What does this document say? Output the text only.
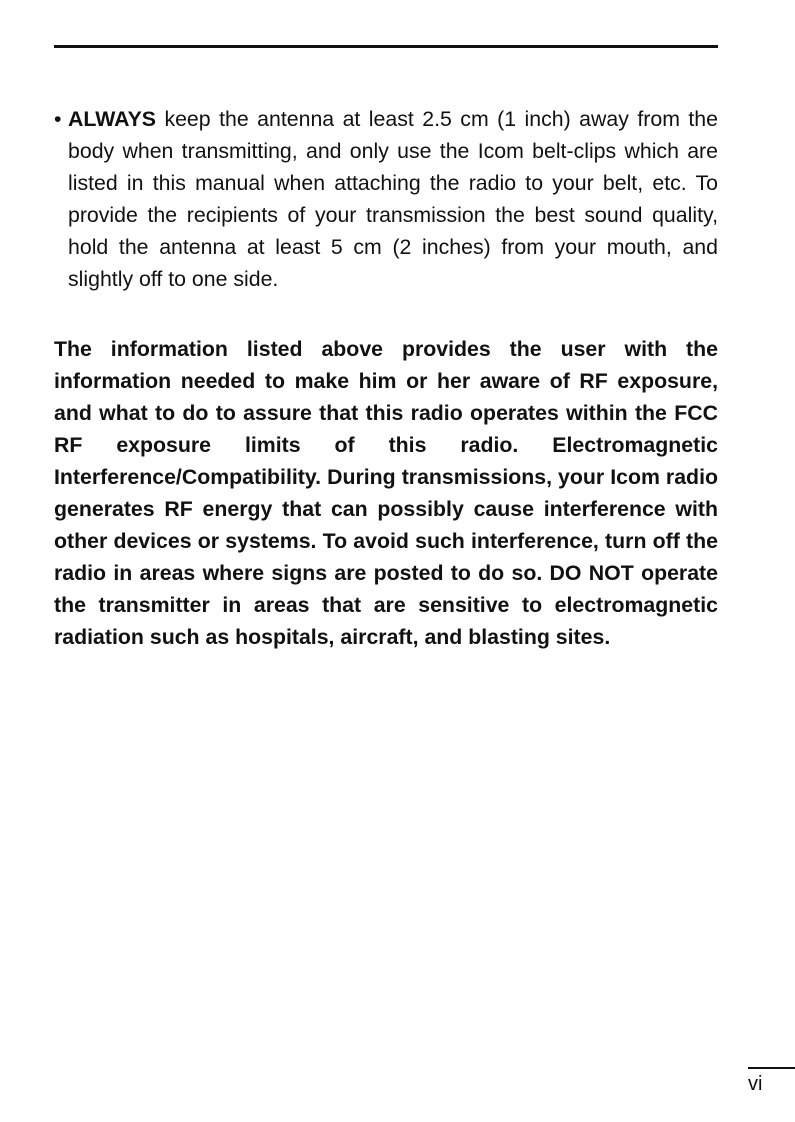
• ALWAYS keep the antenna at least 2.5 cm (1 inch) away from the body when transmitting, and only use the Icom belt-clips which are listed in this manual when attaching the radio to your belt, etc. To provide the recipients of your transmission the best sound quality, hold the antenna at least 5 cm (2 inches) from your mouth, and slightly off to one side.

The information listed above provides the user with the information needed to make him or her aware of RF exposure, and what to do to assure that this radio operates within the FCC RF exposure limits of this radio. Electromagnetic Interference/Compatibility. During transmissions, your Icom radio generates RF energy that can possibly cause interference with other devices or systems. To avoid such interference, turn off the radio in areas where signs are posted to do so. DO NOT operate the transmitter in areas that are sensitive to electromagnetic radiation such as hospitals, aircraft, and blasting sites.

vi
